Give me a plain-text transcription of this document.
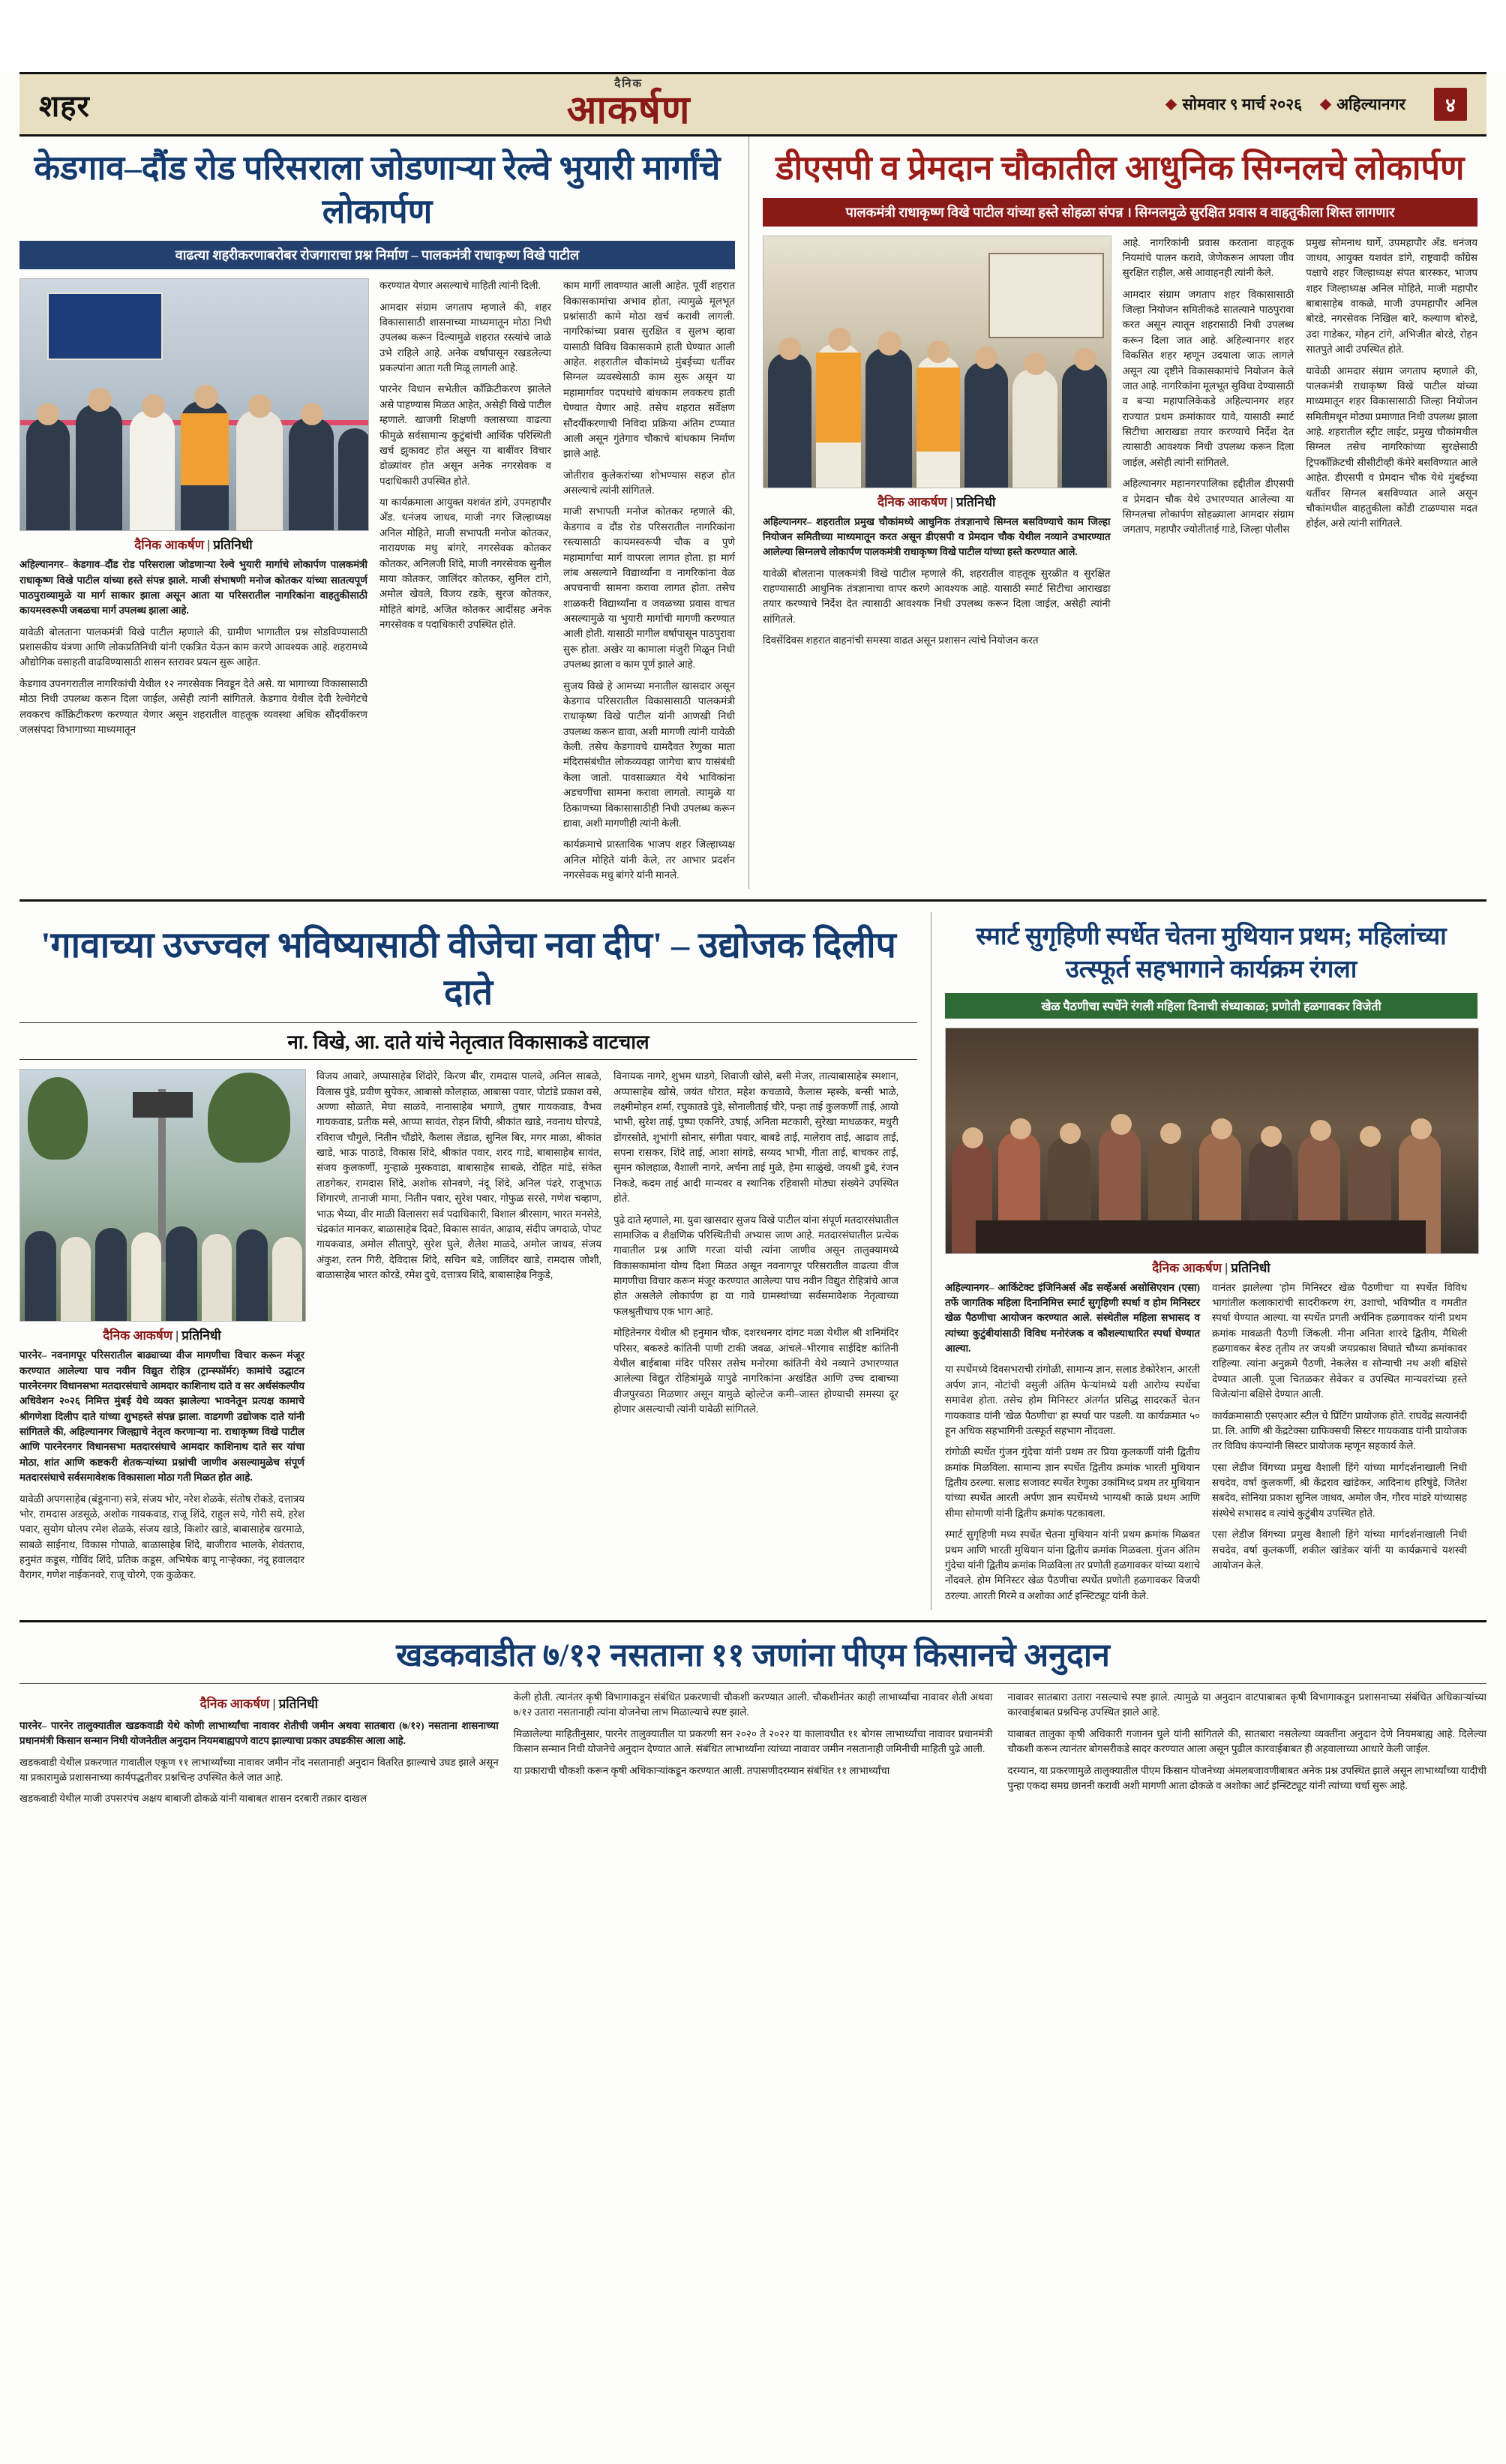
शहर
दैनिक
आकर्षण	सोमवार ९ मार्च २०२६ अहिल्यानगर	४
केडगाव–दौंड रोड परिसराला जोडणाऱ्या रेल्वे भुयारी मार्गांचे लोकार्पण
वाढत्या शहरीकरणाबरोबर रोजगाराचा प्रश्न निर्माण – पालकमंत्री राधाकृष्ण विखे पाटील
दैनिक आकर्षण | प्रतिनिधी

अहिल्यानगर– केडगाव–दौंड रोड परिसराला जोडणाऱ्या रेल्वे भुयारी मार्गाचे लोकार्पण पालकमंत्री राधाकृष्ण विखे पाटील यांच्या हस्ते संपन्न झाले. माजी संभाषणी मनोज कोतकर यांच्या सातत्यपूर्ण पाठपुराव्यामुळे या मार्ग साकार झाला असून आता या परिसरातील नागरिकांना वाहतुकीसाठी कायमस्वरूपी जबळचा मार्ग उपलब्ध झाला आहे.

यावेळी बोलताना पालकमंत्री विखे पाटील म्हणाले की, ग्रामीण भागातील प्रश्न सोडविण्यासाठी प्रशासकीय यंत्रणा आणि लोकप्रतिनिधी यांनी एकत्रित येऊन काम करणे आवश्यक आहे. शहरामध्ये औद्योगिक वसाहती वाढविण्यासाठी शासन स्तरावर प्रयत्न सुरू आहेत.

केडगाव उपनगरातील नागरिकांची येथील १२ नगरसेवक निवडून देते असे. या भागाच्या विकासासाठी मोठा निधी उपलब्ध करून दिला जाईल, असेही त्यांनी सांगितले. केडगाव येथील देवी रेल्वेगेटचे लवकरच काँक्रिटीकरण करण्यात येणार असून शहरातील वाहतूक व्यवस्था अधिक सौंदर्यीकरण जलसंपदा विभागाच्या माध्यमातून

करण्यात येणार असल्याचे माहिती त्यांनी दिली.

आमदार संग्राम जगताप म्हणाले की, शहर विकासासाठी शासनाच्या माध्यमातून मोठा निधी उपलब्ध करून दिल्यामुळे शहरात रस्त्यांचे जाळे उभे राहिले आहे. अनेक वर्षांपासून रखडलेल्या प्रकल्पांना आता गती मिळू लागली आहे.

पारनेर विधान सभेतील काँक्रिटीकरण झालेले असे पाहण्यास मिळत आहेत, असेही विखे पाटील म्हणाले. खाजगी शिक्षणी क्लासच्या वाढत्या फीमुळे सर्वसामान्य कुटुंबांची आर्थिक परिस्थिती खर्च झुकावट होत असून या बाबींवर विचार डोळ्यांवर होत असून अनेक नगरसेवक व पदाधिकारी उपस्थित होते.

या कार्यक्रमाला आयुक्त यशवंत डांगे, उपमहापौर अँड. धनंजय जाधव, माजी नगर जिल्हाध्यक्ष अनिल मोहिते, माजी सभापती मनोज कोतकर, नारायणक मधु बांगरे, नगरसेवक कोतकर कोतकर, अनिलजी शिंदे, माजी नगरसेवक सुनील माया कोतकर, जालिंदर कोतकर, सुनिल टांगे, अमोल खेवले, विजय रडके, सुरज कोतकर, मोहिते बांगडे, अजित कोतकर आदींसह अनेक नगरसेवक व पदाधिकारी उपस्थित होते.

काम मार्गी लावण्यात आली आहेत. पूर्वी शहरात विकासकामांचा अभाव होता, त्यामुळे मूलभूत प्रश्नांसाठी कामे मोठा खर्च करावी लागली. नागरिकांच्या प्रवास सुरक्षित व सुलभ व्हावा यासाठी विविध विकासकामे हाती घेण्यात आली आहेत. शहरातील चौकांमध्ये मुंबईच्या धर्तीवर सिग्नल व्यवस्थेसाठी काम सुरू असून या महामार्गावर पदपथांचे बांधकाम लवकरच हाती घेण्यात येणार आहे. तसेच शहरात सर्वेक्षण सौंदर्यीकरणाची निविदा प्रक्रिया अंतिम टप्प्यात आली असून गुंतेगाव चौकाचे बांधकाम निर्माण झाले आहे.

जोतीराव कुलेकरांच्या शोभण्यास सहज होत असल्याचे त्यांनी सांगितले.

माजी सभापती मनोज कोतकर म्हणाले की, केडगाव व दौंड रोड परिसरातील नागरिकांना रस्त्यासाठी कायमस्वरूपी चौक व पुणे महामार्गाचा मार्ग वापरला लागत होता. हा मार्ग लांब असल्याने विद्यार्थ्यांना व नागरिकांना वेळ अपचनाची सामना करावा लागत होता. तसेच शाळकरी विद्यार्थ्यांना व जवळच्या प्रवास वाचत असल्यामुळे या भुयारी मार्गाची मागणी करण्यात आली होती. यासाठी मागील वर्षापासून पाठपुरावा सुरू होता. अखेर या कामाला मंजुरी मिळून निधी उपलब्ध झाला व काम पूर्ण झाले आहे.

सुजय विखे हे आमच्या मनातील खासदार असून केडगाव परिसरातील विकासासाठी पालकमंत्री राधाकृष्ण विखे पाटील यांनी आणखी निधी उपलब्ध करून द्यावा, अशी मागणी त्यांनी यावेळी केली. तसेच केडगावचे ग्रामदैवत रेणुका माता मंदिरासंबंधीत लोकव्यवहा जागेचा बाप यासंबंधी केला जातो. पावसाळ्यात येथे भाविकांना अडचणींचा सामना करावा लागतो. त्यामुळे या ठिकाणच्या विकासासाठीही निधी उपलब्ध करून द्यावा, अशी मागणीही त्यांनी केली.

कार्यक्रमाचे प्रास्ताविक भाजप शहर जिल्हाध्यक्ष अनिल मोहिते यांनी केले, तर आभार प्रदर्शन नगरसेवक मधु बांगरे यांनी मानले.

डीएसपी व प्रेमदान चौकातील आधुनिक सिग्नलचे लोकार्पण
पालकमंत्री राधाकृष्ण विखे पाटील यांच्या हस्ते सोहळा संपन्न । सिग्नलमुळे सुरक्षित प्रवास व वाहतुकीला शिस्त लागणार
दैनिक आकर्षण | प्रतिनिधी

अहिल्यानगर– शहरातील प्रमुख चौकांमध्ये आधुनिक तंत्रज्ञानाचे सिग्नल बसविण्याचे काम जिल्हा नियोजन समितीच्या माध्यमातून करत असून डीएसपी व प्रेमदान चौक येथील नव्याने उभारण्यात आलेल्या सिग्नलचे लोकार्पण पालकमंत्री राधाकृष्ण विखे पाटील यांच्या हस्ते करण्यात आले.

यावेळी बोलताना पालकमंत्री विखे पाटील म्हणाले की, शहरातील वाहतूक सुरळीत व सुरक्षित राहण्यासाठी आधुनिक तंत्रज्ञानाचा वापर करणे आवश्यक आहे. यासाठी स्मार्ट सिटीचा आराखडा तयार करण्याचे निर्देश देत त्यासाठी आवश्यक निधी उपलब्ध करून दिला जाईल, असेही त्यांनी सांगितले.

दिवसेंदिवस शहरात वाहनांची समस्या वाढत असून प्रशासन त्यांचे नियोजन करत

आहे. नागरिकांनी प्रवास करताना वाहतूक नियमांचे पालन करावे, जेणेकरून आपला जीव सुरक्षित राहील, असे आवाहनही त्यांनी केले.

आमदार संग्राम जगताप शहर विकासासाठी जिल्हा नियोजन समितीकडे सातत्याने पाठपुरावा करत असून त्यातून शहरासाठी निधी उपलब्ध करून दिला जात आहे. अहिल्यानगर शहर विकसित शहर म्हणून उदयाला जाऊ लागले असून त्या दृष्टीने विकासकामांचे नियोजन केले जात आहे. नागरिकांना मूलभूत सुविधा देण्यासाठी व बऱ्या महापालिकेकडे अहिल्यानगर शहर राज्यात प्रथम क्रमांकावर यावे, यासाठी स्मार्ट सिटीचा आराखडा तयार करण्याचे निर्देश देत त्यासाठी आवश्यक निधी उपलब्ध करून दिला जाईल, असेही त्यांनी सांगितले.

अहिल्यानगर महानगरपालिका हद्दीतील डीएसपी व प्रेमदान चौक येथे उभारण्यात आलेल्या या सिग्नलचा लोकार्पण सोहळ्याला आमदार संग्राम जगताप, महापौर ज्योतीताई गाडे, जिल्हा पोलीस

प्रमुख सोमनाथ घार्गे, उपमहापौर अँड. धनंजय जाधव, आयुक्त यशवंत डांगे, राष्ट्रवादी काँग्रेस पक्षाचे शहर जिल्हाध्यक्ष संपत बारस्कर, भाजप शहर जिल्हाध्यक्ष अनिल मोहिते, माजी महापौर बाबासाहेब वाकळे, माजी उपमहापौर अनिल बोरडे, नगरसेवक निखिल बारे, कल्याण बोरुडे, उदा गाडेकर, मोहन टांगे, अभिजीत बोरडे, रोहन सातपुते आदी उपस्थित होते.

यावेळी आमदार संग्राम जगताप म्हणाले की, पालकमंत्री राधाकृष्ण विखे पाटील यांच्या माध्यमातून शहर विकासासाठी जिल्हा नियोजन समितीमधून मोठ्या प्रमाणात निधी उपलब्ध झाला आहे. शहरातील स्ट्रीट लाईट, प्रमुख चौकांमधील सिग्नल तसेच नागरिकांच्या सुरक्षेसाठी ट्रिपकॉंक्रिटची सीसीटीव्ही कॅमेरे बसविण्यात आले आहेत. डीएसपी व प्रेमदान चौक येथे मुंबईच्या धर्तीवर सिग्नल बसविण्यात आले असून चौकांमधील वाहतुकीला कोंडी टाळण्यास मदत होईल, असे त्यांनी सांगितले.

'गावाच्या उज्ज्वल भविष्यासाठी वीजेचा नवा दीप' – उद्योजक दिलीप दाते
ना. विखे, आ. दाते यांचे नेतृत्वात विकासाकडे वाटचाल
दैनिक आकर्षण | प्रतिनिधी

पारनेर– नवनागपूर परिसरातील बाढ्याच्या वीज मागणीचा विचार करून मंजूर करण्यात आलेल्या पाच नवीन विद्युत रोहित्र (ट्रान्स्फॉर्मर) कामांचे उद्घाटन पारनेरनगर विधानसभा मतदारसंघाचे आमदार काशिनाथ दाते व सर अर्थसंकल्पीय अधिवेशन २०२६ निमित्त मुंबई येथे व्यक्त झालेल्या भावनेतून प्रत्यक्ष कामाचे श्रीगणेशा दिलीप दाते यांच्या शुभहस्ते संपन्न झाला. वाडगणी उद्योजक दाते यांनी सांगितले की, अहिल्यानगर जिल्ह्याचे नेतृत्व करणाऱ्या ना. राधाकृष्ण विखे पाटील आणि पारनेरनगर विधानसभा मतदारसंघाचे आमदार काशिनाथ दाते सर यांचा मोठा, शांत आणि कष्टकरी शेतकऱ्यांच्या प्रश्नांची जाणीव असल्यामुळेच संपूर्ण मतदारसंघाचे सर्वसमावेशक विकासाला मोठा गती मिळत होत आहे.

यावेळी अपगसाहेब (बंडूनाना) सत्रे, संजय भोर, नरेश शेळके, संतोष रोकडे, दत्तात्रय भोर, रामदास अडसूळे, अशोक गायकवाड, राजू शिंदे, राहुल सये, गोरी सये, हरेश पवार, सुयोग घोलप रमेश शेळके, संजय खाडे, किशोर खाडे, बाबासाहेब खरमाळे, साबळे साईनाथ, विकास गोपाळे, बाळासाहेब शिंदे, बाजीराव भालके, शेवंतराव, हनुमंत कडूस, गोविंद शिंदे, प्रतिक कडूस, अभिषेक बापू नाऱ्हेक्का, नंदू हवालदार वैरागर, गणेश नाईकनवरे, राजू चोरगे, एक कुळेकर.

विजय आवारे, अप्पासाहेब शिंदोरे, किरण बीर, रामदास पालवे, अनिल साबळे, विलास पुंडे, प्रवीण सुपेकर, आबासो कोलहाळ, आबासा पवार, पोटांडे प्रकाश वसे, अण्णा सोळाते, मेघा साळवे, नानासाहेब भगाणे, तुषार गायकवाड, वैभव गायकवाड, प्रतीक मसे, आप्पा सावंत, रोहन शिंपी, श्रीकांत खाडे, नवनाथ घोरपडे, रविराज चौगुले, नितीन चौंडोरे, कैलास लेंडाळ, सुनिल बिर, मगर माळा, श्रीकांत खाडे, भाऊ पाठाडे, विकास शिंदे, श्रीकांत पवार, शरद गाडे, बाबासाहेब सावंत, संजय कुलकर्णी, मुऱ्हाळे मुस्कवाडा, बाबासाहेब साबळे, रोहित मांडे, संकेत ताडगेकर, रामदास शिंदे, अशोक सोनवणे, नंदू शिंदे, अनिल पंढरे, राजूभाऊ शिंगारणे, तानाजी मामा, नितीन पवार, सुरेश पवार, गोफुळ सरसे, गणेश चव्हाण, भाऊ भैय्या, वीर माळी विलासरा सर्व पदाधिकारी, विशाल श्रीरसाग, भारत मनसेडे, चंद्रकांत मानकर, बाळासाहेब दिवटे, विकास सावंत, आढाव, संदीप जगदाळे, पोपट गायकवाड, अमोल सीतापुरे, सुरेश घुले, शैलेश माळदे, अमोल जाधव, संजय अंकुश, रतन गिरी, देविदास शिंदे, सचिन बडे, जालिंदर खाडे, रामदास जोशी, बाळासाहेब भारत कोरडे, रमेश दुधे, दत्तात्रय शिंदे, बाबासाहेब निकुडे,

विनायक नागरे, शुभम धाडगे, शिवाजी खोसे, बसी मेजर, तात्याबासाहेब स्मशान, अप्पासाहेब खोसे, जयंत धोरात, महेश कचळावे, कैलास म्हस्के, बन्सी भाळे, लक्ष्मीमोहन शर्मा, रघुकातडे पुंडे, सोनालीताई चौरे, पन्हा ताई कुलकर्णी ताई, आयो भाभी, सुरेश ताई, पुष्पा एकनिरे, उषाई, अनिता मटकारी, सुरेखा माधळकर, मधुरी डोंगरसोते, शुभांगी सोनार, संगीता पवार, बाबडे ताई, मालेराव ताई, आढाव ताई, सपना रासकर, शिंदे ताई, आशा सांगडे, सय्यद भाभी, गीता ताई, बाचकर ताई, सुमन कोलहाळ, वैशाली नागरे, अर्चना ताई मुळे, हेमा साळुंखे, जयश्री डुबे, रंजन निकडे, कदम ताई आदी मान्यवर व स्थानिक रहिवासी मोठ्या संख्येने उपस्थित होते.

पुढे दाते म्हणाले, मा. युवा खासदार सुजय विखे पाटील यांना संपूर्ण मतदारसंघातील सामाजिक व शैक्षणिक परिस्थितीची अभ्यास जाण आहे. मतदारसंघातील प्रत्येक गावातील प्रश्न आणि गरजा यांची त्यांना जाणीव असून तालुक्यामध्ये विकासकामांना योग्य दिशा मिळत असून नवनागपूर परिसरातील वाढत्या वीज मागणीचा विचार करून मंजूर करण्यात आलेल्या पाच नवीन विद्युत रोहित्रांचे आज होत असलेले लोकार्पण हा या गावे ग्रामस्थांच्या सर्वसमावेशक नेतृत्वाच्या फलश्रुतीचाच एक भाग आहे.

मोहितेनगर येथील श्री हनुमान चौक, दशरथनगर दांगट मळा येथील श्री शनिमंदिर परिसर, बकरुडे कांतिनी पाणी टाकी जवळ, आंचले–भीरगाव साईदिष्ट कांतिनी येथील बाईबाबा मंदिर परिसर तसेच मनोरमा कांतिनी येथे नव्याने उभारण्यात आलेल्या विद्युत रोहित्रांमुळे यापुढे नागरिकांना अखंडित आणि उच्च दाबाच्या वीजपुरवठा मिळणार असून यामुळे व्होल्टेज कमी–जास्त होण्याची समस्या दूर होणार असल्याची त्यांनी यावेळी सांगितले.

स्मार्ट सुगृहिणी स्पर्धेत चेतना मुथियान प्रथम; महिलांच्या उत्स्फूर्त सहभागाने कार्यक्रम रंगला
खेळ पैठणीचा स्पर्धेने रंगली महिला दिनाची संध्याकाळ; प्रणोती हळगावकर विजेती
दैनिक आकर्षण | प्रतिनिधी

अहिल्यानगर– आर्किटेक्ट इंजिनिअर्स अँड सर्व्हेअर्स असोसिएशन (एसा) तर्फे जागतिक महिला दिनानिमित्त स्मार्ट सुगृहिणी स्पर्धा व होम मिनिस्टर खेळ पैठणीचा आयोजन करण्यात आले. संस्थेतील महिला सभासद व त्यांच्या कुटुंबीयांसाठी विविध मनोरंजक व कौशल्याधारित स्पर्धा घेण्यात आल्या.

या स्पर्धेमध्ये दिवसभराची रांगोळी, सामान्य ज्ञान, सलाड डेकोरेशन, आरती अर्पण ज्ञान, नोटांची वसुली अंतिम फेऱ्यांमध्ये यशी आरोग्य स्पर्धेचा समावेश होता. तसेच होम मिनिस्टर अंतर्गत प्रसिद्ध सादरकर्ते चेतन गायकवाड यांनी 'खेळ पैठणीचा' हा स्पर्धा पार पडली. या कार्यक्रमात ५० हून अधिक सहभागिनी उत्स्फूर्त सहभाग नोंदवला.

रांगोळी स्पर्धेत गुंजन गुंदेचा यांनी प्रथम तर प्रिया कुलकर्णी यांनी द्वितीय क्रमांक मिळविला. सामान्य ज्ञान स्पर्धेत द्वितीय क्रमांक भारती मुथियान द्वितीय ठरल्या. सलाड सजावट स्पर्धेत रेणुका उकांमिध्द प्रथम तर मुथियान यांच्या स्पर्धेत आरती अर्पण ज्ञान स्पर्धेमध्ये भाग्यश्री काळे प्रथम आणि सीमा सोमाणी यांनी द्वितीय क्रमांक पटकावला.

स्मार्ट सुगृहिणी मध्य स्पर्धेत चेतना मुथियान यांनी प्रथम क्रमांक मिळवत प्रथम आणि भारती मुथियान यांना द्वितीय क्रमांक मिळवला. गुंजन अंतिम गुंदेचा यांनी द्वितीय क्रमांक मिळविला तर प्रणोती हळगावकर यांच्या यशाचे नोंदवले. होम मिनिस्टर खेळ पैठणीचा स्पर्धेत प्रणोती हळगावकर विजयी ठरल्या. आरती गिरमे व अशोका आर्ट इन्स्टिट्यूट यांनी केले.

वानंतर झालेल्या 'होम मिनिस्टर खेळ पैठणीचा' या स्पर्धेत विविध भागांतील कलाकारांची सादरीकरण रंग, उशाचो, भविष्यीत व गमतीत स्पर्धा घेण्यात आल्या. या स्पर्धेत प्रगती अर्चनिक हळगावकर यांनी प्रथम क्रमांक मावळती पैठणी जिंकली. मीना अनिता शारदे द्वितीय, मैथिली हळगावकर बेरुड तृतीय तर जयश्री जयप्रकाश विघाते चौथ्या क्रमांकावर राहिल्या. त्यांना अनुक्रमे पैठणी, नेकलेस व सोन्याची नथ अशी बक्षिसे देण्यात आली. पूजा चितळकर सेवेकर व उपस्थित मान्यवरांच्या हस्ते विजेत्यांना बक्षिसे देण्यात आली.

कार्यक्रमासाठी एसएआर स्टील चे प्रिंटिंग प्रायोजक होते. राघवेंद्र सत्यानंदी प्रा. लि. आणि श्री केंद्रटेक्सा ग्राफिक्सची सिस्टर गायकवाड यांनी प्रायोजक तर विविध कंपन्यांनी सिस्टर प्रायोजक म्हणून सहकार्य केले.

एसा लेडीज विंगच्या प्रमुख वैशाली हिंगे यांच्या मार्गदर्शनाखाली निधी सचदेव, वर्षा कुलकर्णी, श्री केंद्रराव खांडेकर, आदिनाथ हरिषुंडे, जितेश सबदेव, सोनिया प्रकाश सुनिल जाधव, अमोल जैन, गौरव मांडरे यांच्यासह संस्थेचे सभासद व त्यांचे कुटुंबीय उपस्थित होते.

एसा लेडीज विंगच्या प्रमुख वैशाली हिंगे यांच्या मार्गदर्शनाखाली निधी सचदेव, वर्षा कुलकर्णी, शकील खांडेकर यांनी या कार्यक्रमाचे यशस्वी आयोजन केले.

खडकवाडीत ७/१२ नसताना ११ जणांना पीएम किसानचे अनुदान
दैनिक आकर्षण | प्रतिनिधी

पारनेर– पारनेर तालुक्यातील खडकवाडी येथे कोणी लाभार्थ्यांचा नावावर शेतीची जमीन अथवा सातबारा (७/१२) नसताना शासनाच्या प्रधानमंत्री किसान सन्मान निधी योजनेतील अनुदान नियमबाह्यपणे वाटप झाल्याचा प्रकार उघडकीस आला आहे.

खडकवाडी येथील प्रकरणात गावातील एकूण ११ लाभार्थ्यांच्या नावावर जमीन नोंद नसतानाही अनुदान वितरित झाल्याचे उघड झाले असून या प्रकारामुळे प्रशासनाच्या कार्यपद्धतीवर प्रश्नचिन्ह उपस्थित केले जात आहे.

खडकवाडी येथील माजी उपसरपंच अक्षय बाबाजी ढोकळे यांनी याबाबत शासन दरबारी तक्रार दाखल

केली होती. त्यानंतर कृषी विभागाकडून संबंधित प्रकरणाची चौकशी करण्यात आली. चौकशीनंतर काही लाभार्थ्यांचा नावावर शेती अथवा ७/१२ उतारा नसतानाही त्यांना योजनेचा लाभ मिळाल्याचे स्पष्ट झाले.

मिळालेल्या माहितीनुसार, पारनेर तालुक्यातील या प्रकरणी सन २०२० ते २०२२ या कालावधीत ११ बोगस लाभार्थ्यांचा नावावर प्रधानमंत्री किसान सन्मान निधी योजनेचे अनुदान देण्यात आले. संबंधित लाभार्थ्यांना त्यांच्या नावावर जमीन नसतानाही जमिनीची माहिती पुढे आली.

या प्रकाराची चौकशी करून कृषी अधिकाऱ्यांकडून करण्यात आली. तपासणीदरम्यान संबंधित ११ लाभार्थ्यांचा

नावावर सातबारा उतारा नसल्याचे स्पष्ट झाले. त्यामुळे या अनुदान वाटपाबाबत कृषी विभागाकडून प्रशासनाच्या संबंधित अधिकाऱ्यांच्या कारवाईबाबत प्रश्नचिन्ह उपस्थित झाले आहे.

याबाबत तालुका कृषी अधिकारी गजानन घुले यांनी सांगितले की, सातबारा नसलेल्या व्यक्तींना अनुदान देणे नियमबाह्य आहे. दिलेल्या चौकशी करून त्यानंतर बोगसरीकडे सादर करण्यात आला असून पुढील कारवाईबाबत ही अहवालाच्या आधारे केली जाईल.

दरम्यान, या प्रकरणामुळे तालुक्यातील पीएम किसान योजनेच्या अंमलबजावणीबाबत अनेक प्रश्न उपस्थित झाले असून लाभार्थ्यांच्या यादीची पुन्हा एकदा समग्र छाननी करावी अशी मागणी आता ढोकळे व अशोका आर्ट इन्स्टिट्यूट यांनी त्यांच्या चर्चा सुरू आहे.
